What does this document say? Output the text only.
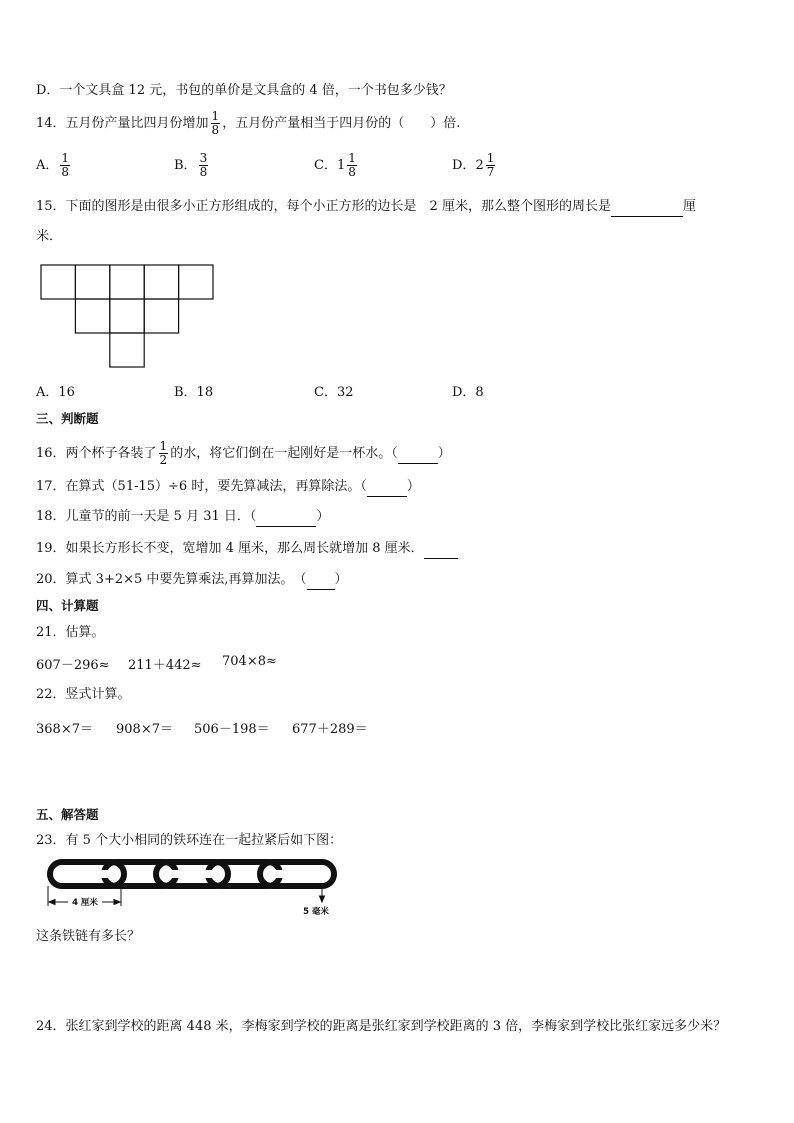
D．一个文具盒 12 元，书包的单价是文具盒的 4 倍，一个书包多少钱？
14．五月份产量比四月份增加 $\frac{1}{8}$ ，五月份产量相当于四月份的（　　）倍.
A． $\frac{1}{8}$	B． $\frac{3}{8}$	C．$1 \frac{1}{8}$	D．$2 \frac{1}{7}$
15．下面的图形是由很多小正方形组成的，每个小正方形的边长是　2 厘米，那么整个图形的周长是	厘
米．
A．16	B．18	C．32	D．8
三、判断题
16．两个杯子各装了 $\frac{1}{2}$ 的水，将它们倒在一起刚好是一杯水。（	）
17．在算式（51-15）÷6 时，要先算减法，再算除法。（	）
18．儿童节的前一天是 5 月 31 日．（	）
19．如果长方形长不变，宽增加 4 厘米，那么周长就增加 8 厘米．
20．算式 3+2×5 中要先算乘法,再算加法。　（ ）
四、计算题
21．估算。
607－296≈ 211＋442≈ 704×8≈
22．竖式计算。
368×7＝ 908×7＝ 506－198＝ 677＋289＝
五、解答题
23．有 5 个大小相同的铁环连在一起拉紧后如下图：
4 厘米
5 毫米
这条铁链有多长？
24．张红家到学校的距离 448 米，李梅家到学校的距离是张红家到学校距离的 3 倍，李梅家到学校比张红家远多少米？
